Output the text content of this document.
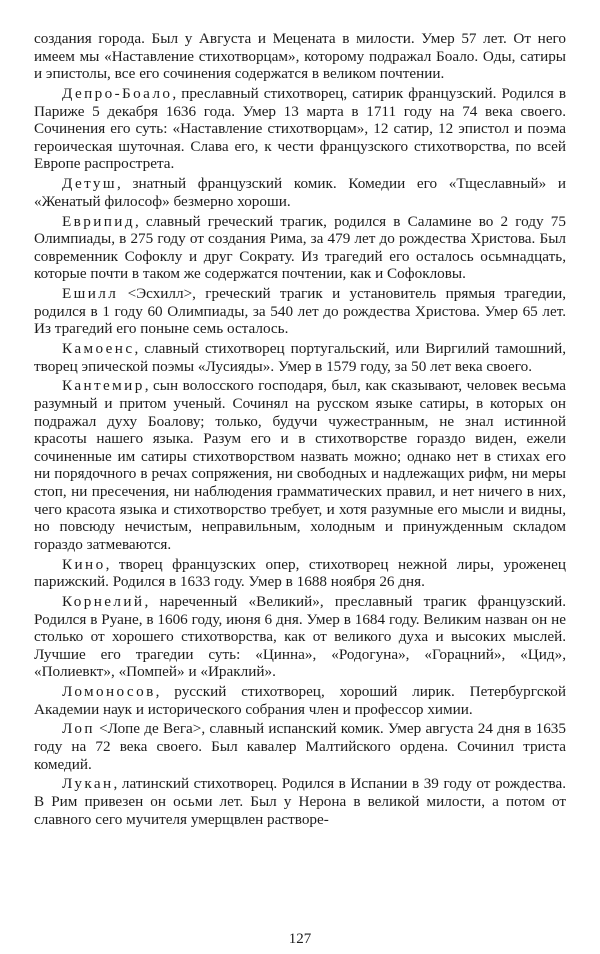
создания города. Был у Августа и Мецената в милости. Умер 57 лет. От него имеем мы «Наставление стихотворцам», которому подражал Боало. Оды, сатиры и эпистолы, все его сочинения содержатся в великом почтении.

Депро-Боало, преславный стихотворец, сатирик французский. Родился в Париже 5 декабря 1636 года. Умер 13 марта в 1711 году на 74 века своего. Сочинения его суть: «Наставление стихотворцам», 12 сатир, 12 эпистол и поэма героическая шуточная. Слава его, к чести французского стихотворства, по всей Европе распрострета.

Детуш, знатный французский комик. Комедии его «Тщеславный» и «Женатый философ» безмерно хороши.

Еврипид, славный греческий трагик, родился в Саламине во 2 году 75 Олимпиады, в 275 году от создания Рима, за 479 лет до рождества Христова. Был современник Софоклу и друг Сократу. Из трагедий его осталось осьмнадцать, которые почти в таком же содержатся почтении, как и Софокловы.

Ешилл <Эсхилл>, греческий трагик и установитель прямыя трагедии, родился в 1 году 60 Олимпиады, за 540 лет до рождества Христова. Умер 65 лет. Из трагедий его поныне семь осталось.

Камоенс, славный стихотворец португальский, или Виргилий тамошний, творец эпической поэмы «Лусияды». Умер в 1579 году, за 50 лет века своего.

Кантемир, сын волосского господаря, был, как сказывают, человек весьма разумный и притом ученый. Сочинял на русском языке сатиры, в которых он подражал духу Боалову; только, будучи чужестранным, не знал истинной красоты нашего языка. Разум его и в стихотворстве гораздо виден, ежели сочиненные им сатиры стихотворством назвать можно; однако нет в стихах его ни порядочного в речах сопряжения, ни свободных и надлежащих рифм, ни меры стоп, ни пресечения, ни наблюдения грамматических правил, и нет ничего в них, чего красота языка и стихотворство требует, и хотя разумные его мысли и видны, но повсюду нечистым, неправильным, холодным и принужденным складом гораздо затмеваются.

Кино, творец французских опер, стихотворец нежной лиры, уроженец парижский. Родился в 1633 году. Умер в 1688 ноября 26 дня.

Корнелий, нареченный «Великий», преславный трагик французский. Родился в Руане, в 1606 году, июня 6 дня. Умер в 1684 году. Великим назван он не столько от хорошего стихотворства, как от великого духа и высоких мыслей. Лучшие его трагедии суть: «Цинна», «Родогуна», «Горацний», «Цид», «Полиевкт», «Помпей» и «Ираклий».

Ломоносов, русский стихотворец, хороший лирик. Петербургской Академии наук и исторического собрания член и профессор химии.

Лоп <Лопе де Вега>, славный испанский комик. Умер августа 24 дня в 1635 году на 72 века своего. Был кавалер Малтийского ордена. Сочинил триста комедий.

Лукан, латинский стихотворец. Родился в Испании в 39 году от рождества. В Рим привезен он осьми лет. Был у Нерона в великой милости, а потом от славного сего мучителя умерщвлен растворе-

127
